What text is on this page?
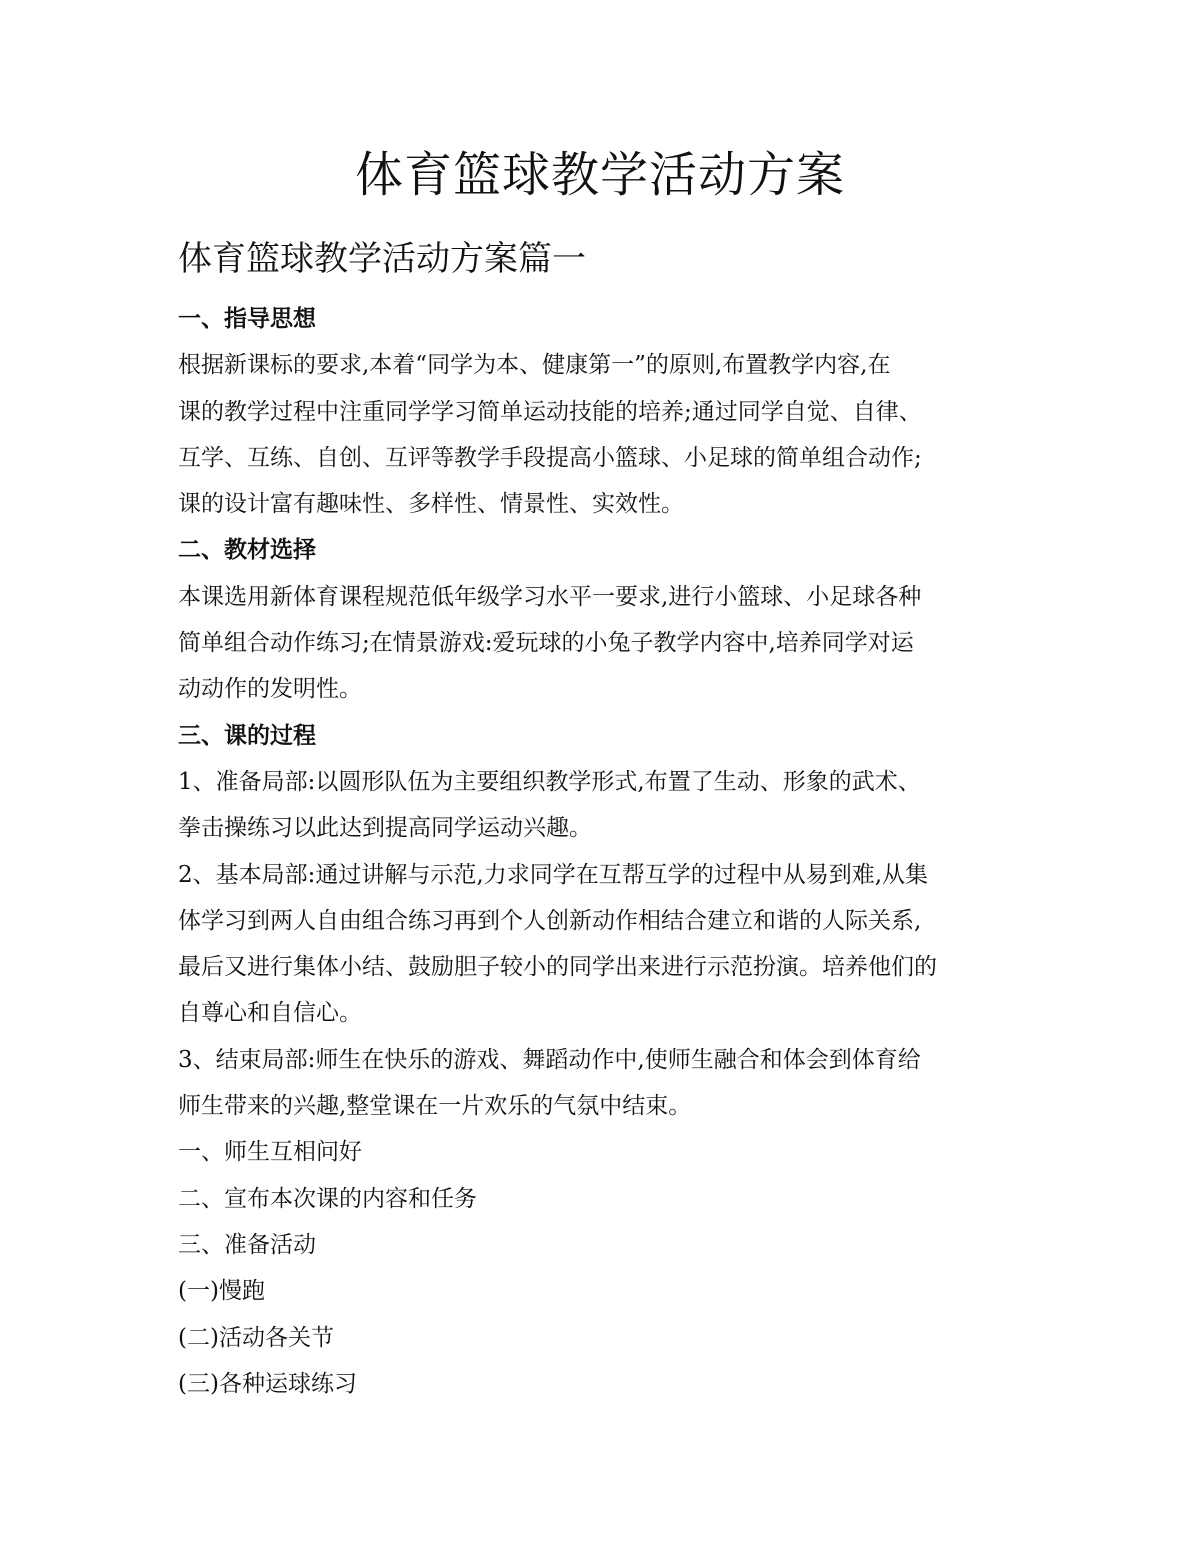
体育篮球教学活动方案
体育篮球教学活动方案篇一

一、指导思想

根据新课标的要求,本着“同学为本、健康第一”的原则,布置教学内容,在

课的教学过程中注重同学学习简单运动技能的培养;通过同学自觉、自律、

互学、互练、自创、互评等教学手段提高小篮球、小足球的简单组合动作;

课的设计富有趣味性、多样性、情景性、实效性。

二、教材选择

本课选用新体育课程规范低年级学习水平一要求,进行小篮球、小足球各种

简单组合动作练习;在情景游戏:爱玩球的小兔子教学内容中,培养同学对运

动动作的发明性。

三、课的过程

1、准备局部:以圆形队伍为主要组织教学形式,布置了生动、形象的武术、

拳击操练习以此达到提高同学运动兴趣。

2、基本局部:通过讲解与示范,力求同学在互帮互学的过程中从易到难,从集

体学习到两人自由组合练习再到个人创新动作相结合建立和谐的人际关系,

最后又进行集体小结、鼓励胆子较小的同学出来进行示范扮演。培养他们的

自尊心和自信心。

3、结束局部:师生在快乐的游戏、舞蹈动作中,使师生融合和体会到体育给

师生带来的兴趣,整堂课在一片欢乐的气氛中结束。

一、师生互相问好

二、宣布本次课的内容和任务

三、准备活动

(一)慢跑

(二)活动各关节

(三)各种运球练习
